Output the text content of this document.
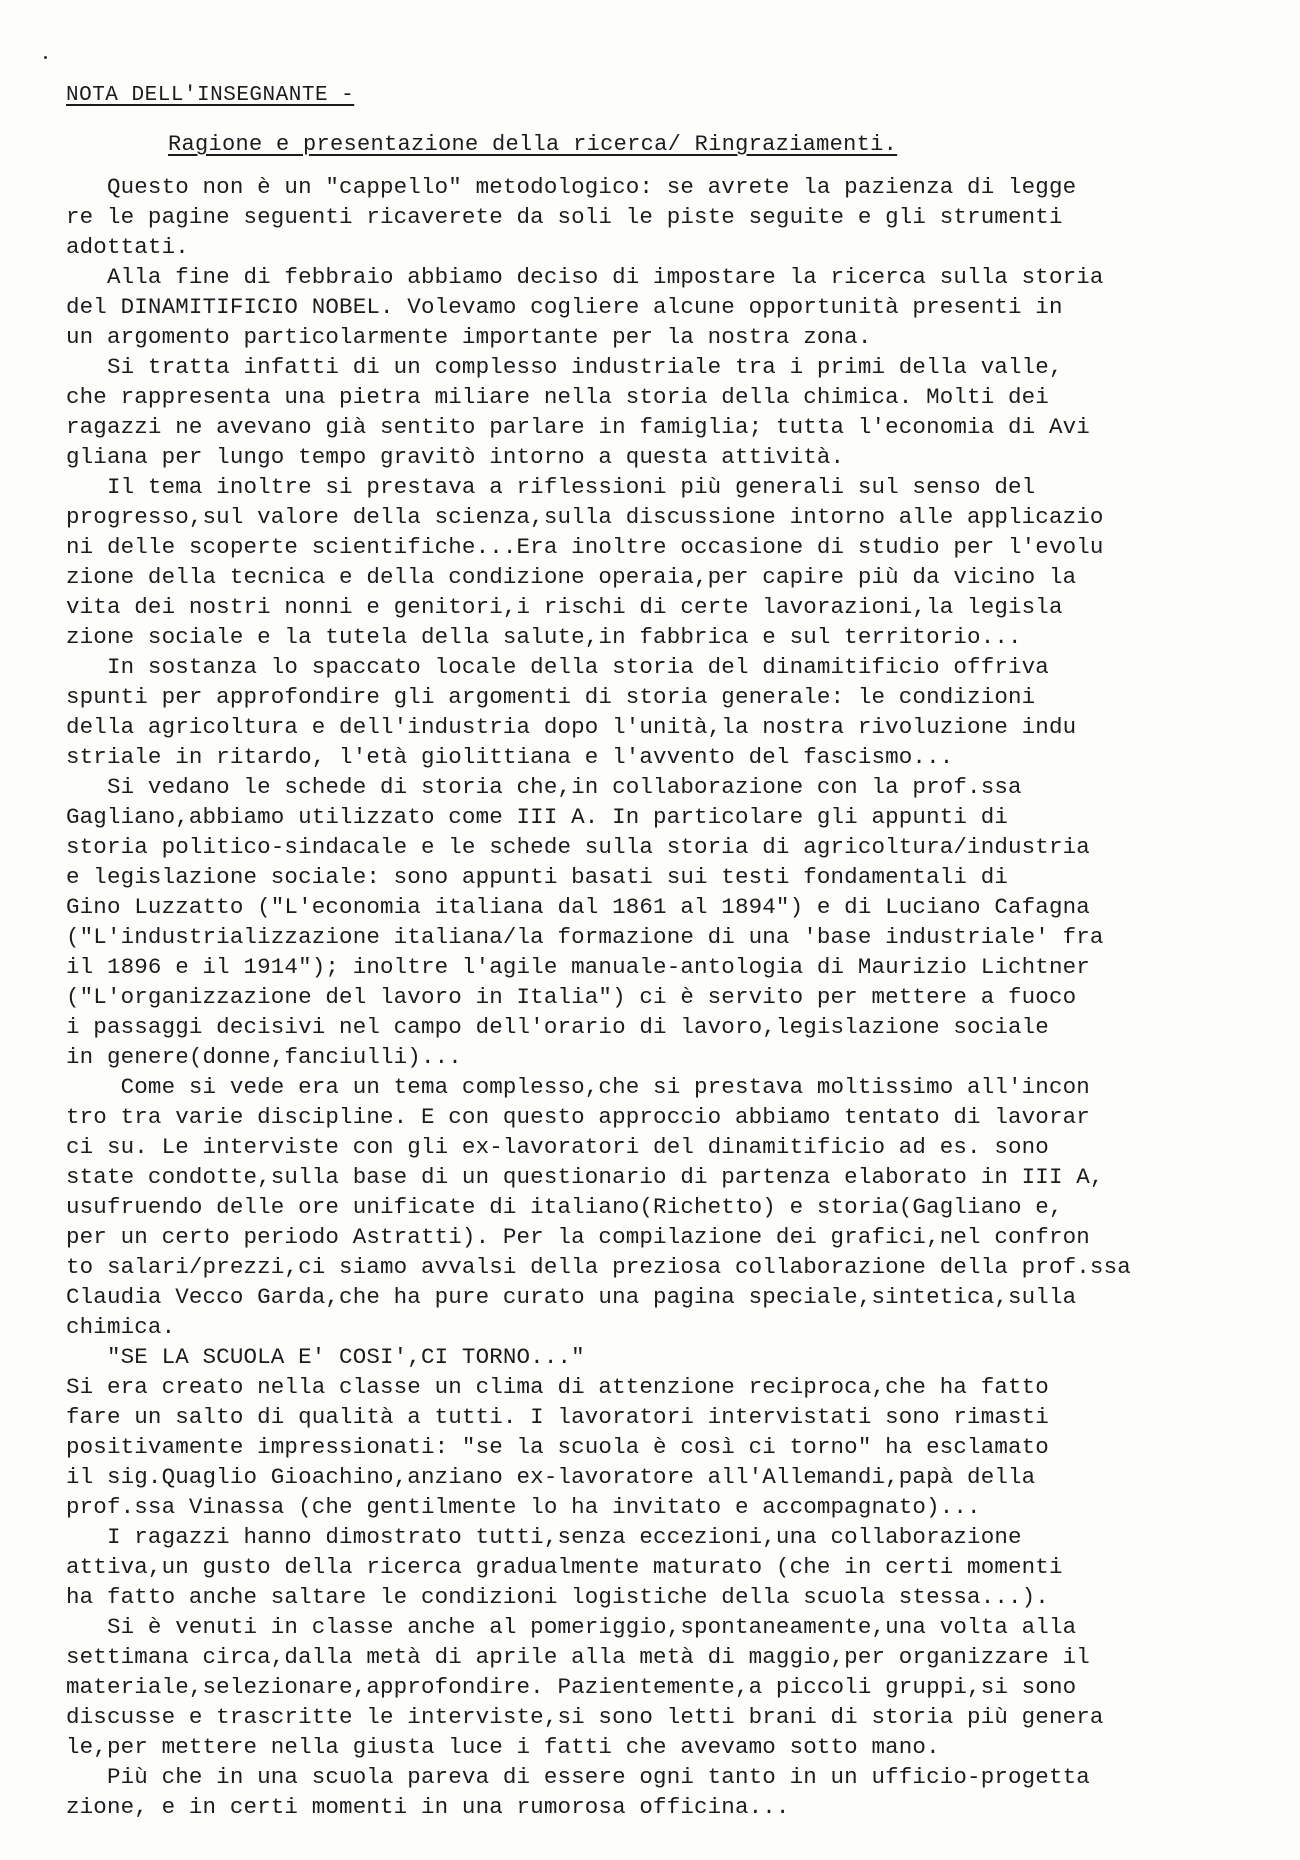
NOTA DELL'INSEGNANTE -
Ragione e presentazione della ricerca/ Ringraziamenti.
Questo non è un "cappello" metodologico: se avrete la pazienza di legge
re le pagine seguenti ricaverete da soli le piste seguite e gli strumenti
adottati.
Alla fine di febbraio abbiamo deciso di impostare la ricerca sulla storia
del DINAMITIFICIO NOBEL. Volevamo cogliere alcune opportunità presenti in
un argomento particolarmente importante per la nostra zona.
Si tratta infatti di un complesso industriale tra i primi della valle,
che rappresenta una pietra miliare nella storia della chimica. Molti dei
ragazzi ne avevano già sentito parlare in famiglia; tutta l'economia di Avi
gliana per lungo tempo gravitò intorno a questa attività.
Il tema inoltre si prestava a riflessioni più generali sul senso del
progresso,sul valore della scienza,sulla discussione intorno alle applicazio
ni delle scoperte scientifiche...Era inoltre occasione di studio per l'evolu
zione della tecnica e della condizione operaia,per capire più da vicino la
vita dei nostri nonni e genitori,i rischi di certe lavorazioni,la legisla
zione sociale e la tutela della salute,in fabbrica e sul territorio...
In sostanza lo spaccato locale della storia del dinamitificio offriva
spunti per approfondire gli argomenti di storia generale: le condizioni
della agricoltura e dell'industria dopo l'unità,la nostra rivoluzione indu
striale in ritardo, l'età giolittiana e l'avvento del fascismo...
Si vedano le schede di storia che,in collaborazione con la prof.ssa
Gagliano,abbiamo utilizzato come III A. In particolare gli appunti di
storia politico-sindacale e le schede sulla storia di agricoltura/industria
e legislazione sociale: sono appunti basati sui testi fondamentali di
Gino Luzzatto ("L'economia italiana dal 1861 al 1894") e di Luciano Cafagna
("L'industrializzazione italiana/la formazione di una 'base industriale' fra
il 1896 e il 1914"); inoltre l'agile manuale-antologia di Maurizio Lichtner
("L'organizzazione del lavoro in Italia") ci è servito per mettere a fuoco
i passaggi decisivi nel campo dell'orario di lavoro,legislazione sociale
in genere(donne,fanciulli)...
Come si vede era un tema complesso,che si prestava moltissimo all'incon
tro tra varie discipline. E con questo approccio abbiamo tentato di lavorar
ci su. Le interviste con gli ex-lavoratori del dinamitificio ad es. sono
state condotte,sulla base di un questionario di partenza elaborato in III A,
usufruendo delle ore unificate di italiano(Richetto) e storia(Gagliano e,
per un certo periodo Astratti). Per la compilazione dei grafici,nel confron
to salari/prezzi,ci siamo avvalsi della preziosa collaborazione della prof.ssa
Claudia Vecco Garda,che ha pure curato una pagina speciale,sintetica,sulla
chimica.
"SE LA SCUOLA E' COSI',CI TORNO..."
Si era creato nella classe un clima di attenzione reciproca,che ha fatto
fare un salto di qualità a tutti. I lavoratori intervistati sono rimasti
positivamente impressionati: "se la scuola è così ci torno" ha esclamato
il sig.Quaglio Gioachino,anziano ex-lavoratore all'Allemandi,papà della
prof.ssa Vinassa (che gentilmente lo ha invitato e accompagnato)...
I ragazzi hanno dimostrato tutti,senza eccezioni,una collaborazione
attiva,un gusto della ricerca gradualmente maturato (che in certi momenti
ha fatto anche saltare le condizioni logistiche della scuola stessa...).
Si è venuti in classe anche al pomeriggio,spontaneamente,una volta alla
settimana circa,dalla metà di aprile alla metà di maggio,per organizzare il
materiale,selezionare,approfondire. Pazientemente,a piccoli gruppi,si sono
discusse e trascritte le interviste,si sono letti brani di storia più genera
le,per mettere nella giusta luce i fatti che avevamo sotto mano.
Più che in una scuola pareva di essere ogni tanto in un ufficio-progetta
zione, e in certi momenti in una rumorosa officina...
